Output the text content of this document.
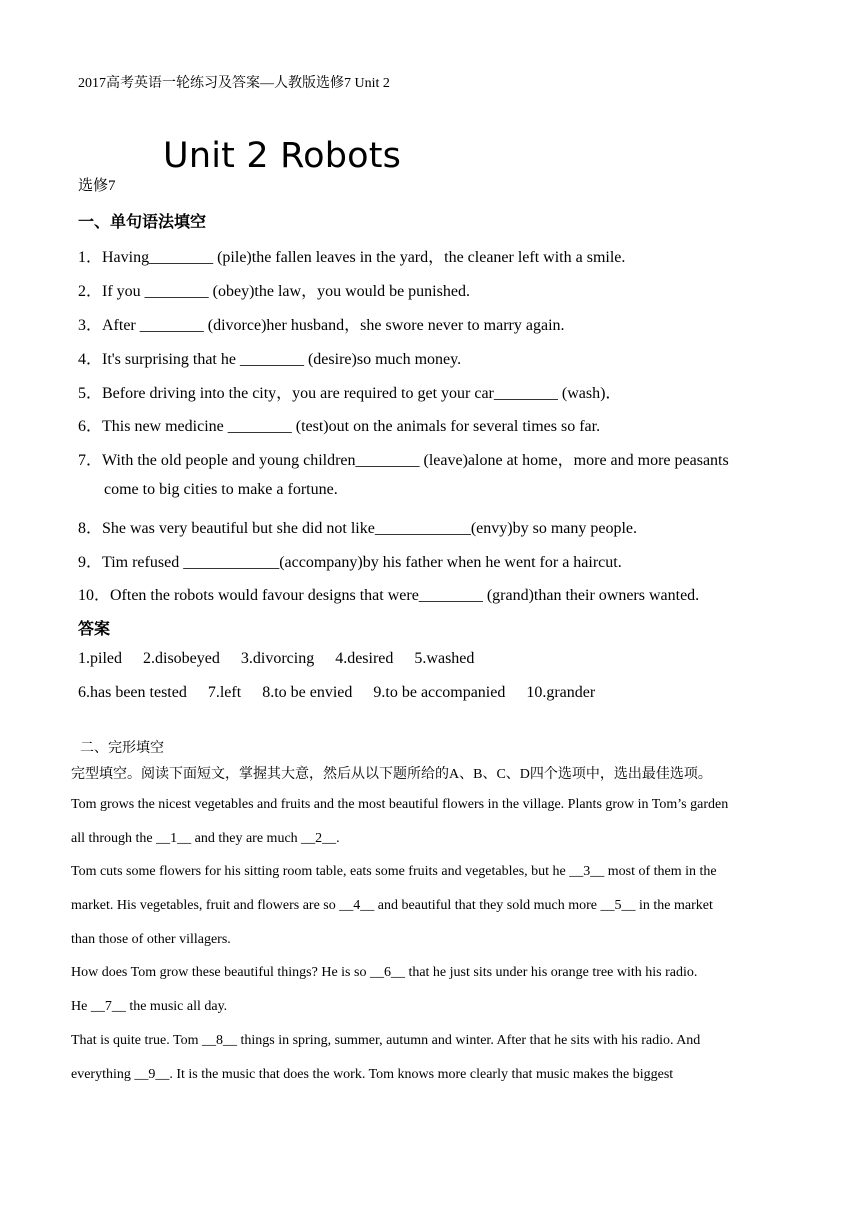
2017高考英语一轮练习及答案—人教版选修7 Unit 2
Unit 2 Robots
选修7
一、单句语法填空
1．Having________ (pile)the fallen leaves in the yard，the cleaner left with a smile.
2．If you ________ (obey)the law，you would be punished.
3．After ________ (divorce)her husband，she swore never to marry again.
4．It's surprising that he ________ (desire)so much money.
5．Before driving into the city，you are required to get your car________ (wash)．
6．This new medicine ________ (test)out on the animals for several times so far.
7．With the old people and young children________ (leave)alone at home，more and more peasants
come to big cities to make a fortune.
8．She was very beautiful but she did not like____________(envy)by so many people.
9．Tim refused ____________(accompany)by his father when he went for a haircut.
10．Often the robots would favour designs that were________ (grand)than their owners wanted.
答案
1.piled 2.disobeyed 3.divorcing 4.desired 5.washed
6.has been tested 7.left 8.to be envied 9.to be accompanied 10.grander
二、完形填空
完型填空。阅读下面短文，掌握其大意，然后从以下题所给的A、B、C、D四个选项中，选出最佳选项。
Tom grows the nicest vegetables and fruits and the most beautiful flowers in the village. Plants grow in Tom’s garden
all through the __1__ and they are much __2__.
Tom cuts some flowers for his sitting room table, eats some fruits and vegetables, but he __3__ most of them in the
market. His vegetables, fruit and flowers are so __4__ and beautiful that they sold much more __5__ in the market
than those of other villagers.
How does Tom grow these beautiful things? He is so __6__ that he just sits under his orange tree with his radio.
He __7__ the music all day.
That is quite true. Tom __8__ things in spring, summer, autumn and winter. After that he sits with his radio. And
everything __9__. It is the music that does the work. Tom knows more clearly that music makes the biggest
